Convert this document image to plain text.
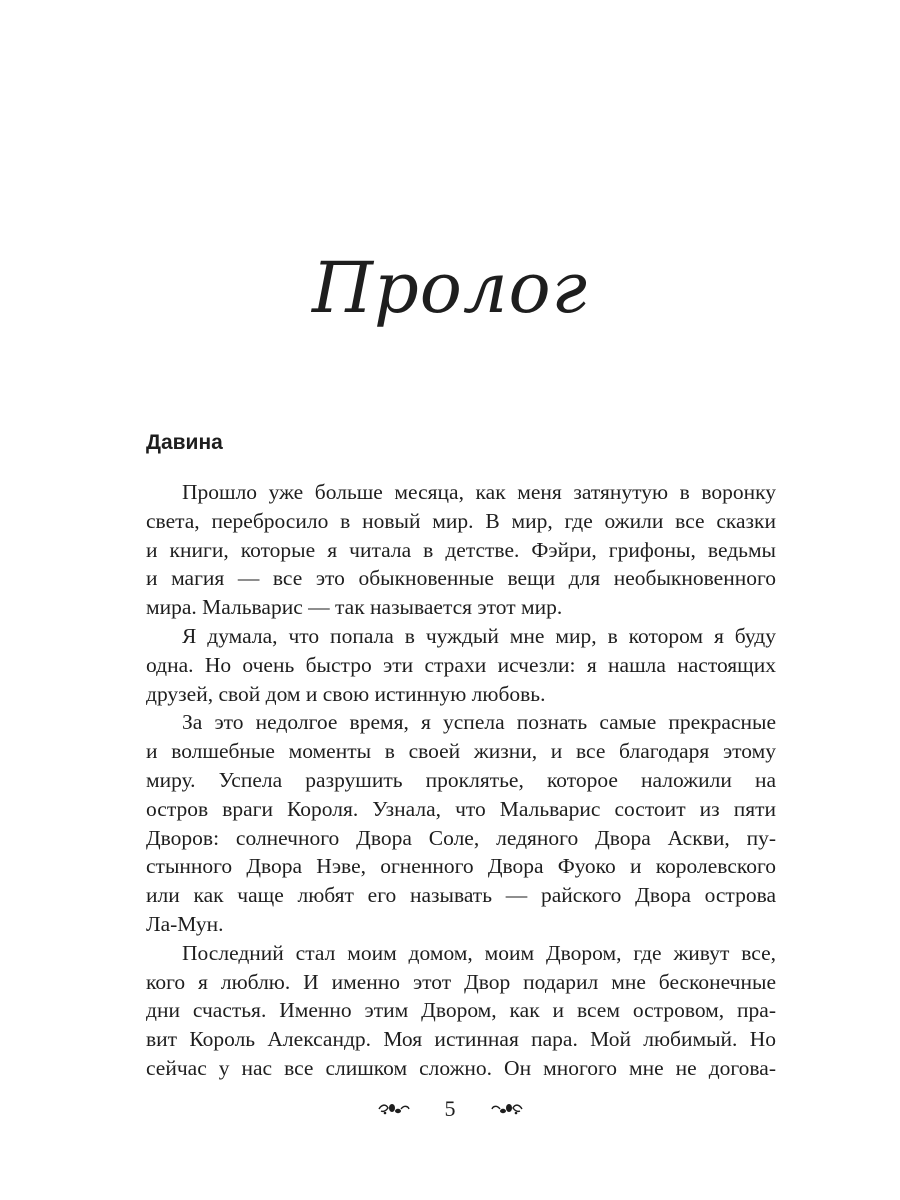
Пролог
Давина
Прошло уже больше месяца, как меня затянутую в воронку
света, перебросило в новый мир. В мир, где ожили все сказки
и книги, которые я читала в детстве. Фэйри, грифоны, ведьмы
и магия — все это обыкновенные вещи для необыкновенного
мира. Мальварис — так называется этот мир.
Я думала, что попала в чуждый мне мир, в котором я буду
одна. Но очень быстро эти страхи исчезли: я нашла настоящих
друзей, свой дом и свою истинную любовь.
За это недолгое время, я успела познать самые прекрасные
и волшебные моменты в своей жизни, и все благодаря этому
миру. Успела разрушить проклятье, которое наложили на
остров враги Короля. Узнала, что Мальварис состоит из пяти
Дворов: солнечного Двора Соле, ледяного Двора Аскви, пу-
стынного Двора Нэве, огненного Двора Фуоко и королевского
или как чаще любят его называть — райского Двора острова
Ла-Мун.
Последний стал моим домом, моим Двором, где живут все,
кого я люблю. И именно этот Двор подарил мне бесконечные
дни счастья. Именно этим Двором, как и всем островом, пра-
вит Король Александр. Моя истинная пара. Мой любимый. Но
сейчас у нас все слишком сложно. Он многого мне не догова-
5
